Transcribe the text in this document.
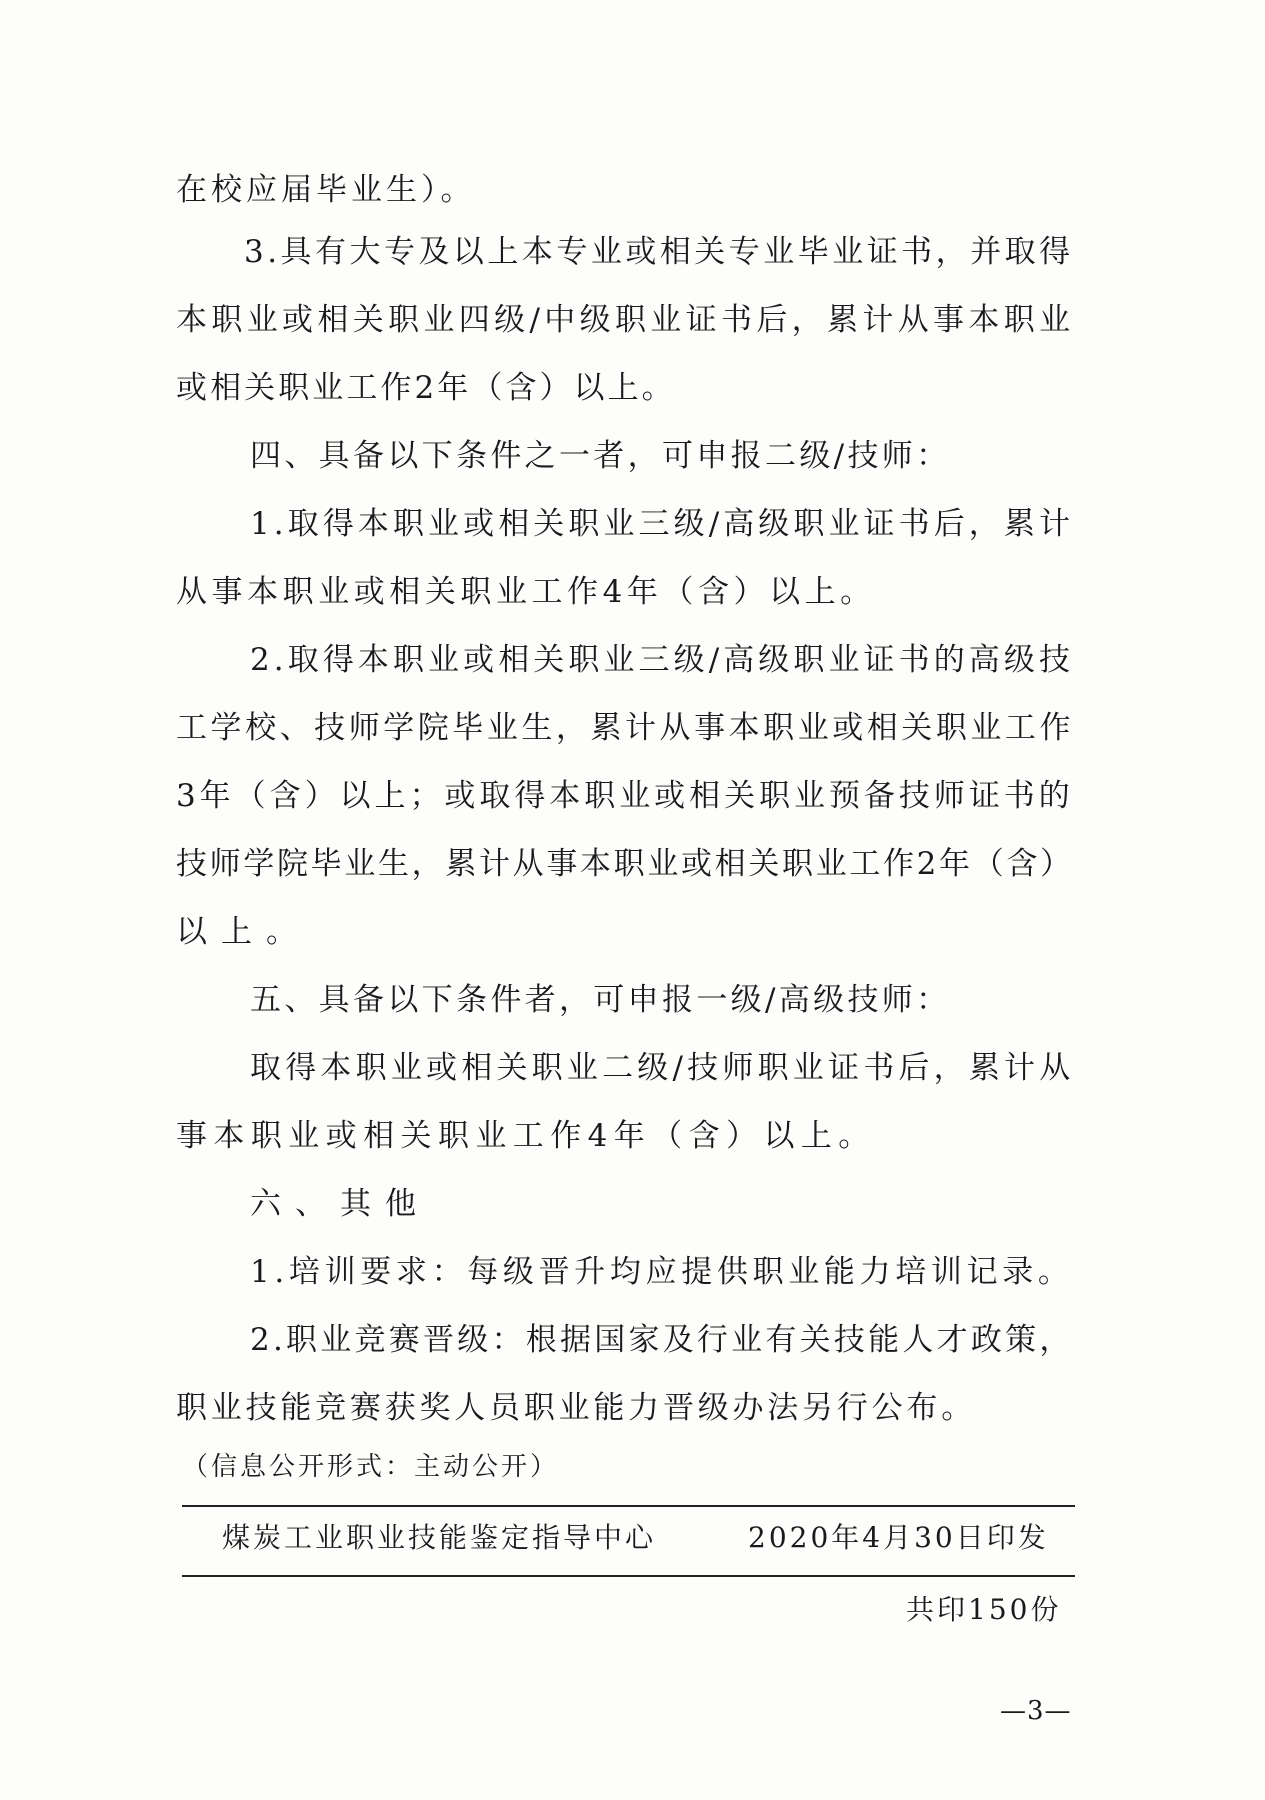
在校应届毕业生）。

3.具有大专及以上本专业或相关专业毕业证书，并取得

本职业或相关职业四级/中级职业证书后，累计从事本职业

或相关职业工作2年（含）以上。

四、具备以下条件之一者，可申报二级/技师：

1.取得本职业或相关职业三级/高级职业证书后，累计

从事本职业或相关职业工作4年（含）以上。

2.取得本职业或相关职业三级/高级职业证书的高级技

工学校、技师学院毕业生，累计从事本职业或相关职业工作

3年（含）以上；或取得本职业或相关职业预备技师证书的

技师学院毕业生，累计从事本职业或相关职业工作2年（含）

以上。

五、具备以下条件者，可申报一级/高级技师：

取得本职业或相关职业二级/技师职业证书后，累计从

事本职业或相关职业工作4年（含）以上。

六、其他

1.培训要求：每级晋升均应提供职业能力培训记录。

2.职业竞赛晋级：根据国家及行业有关技能人才政策，

职业技能竞赛获奖人员职业能力晋级办法另行公布。

（信息公开形式：主动公开）

煤炭工业职业技能鉴定指导中心	2020年4月30日印发

共印150份

—3—
